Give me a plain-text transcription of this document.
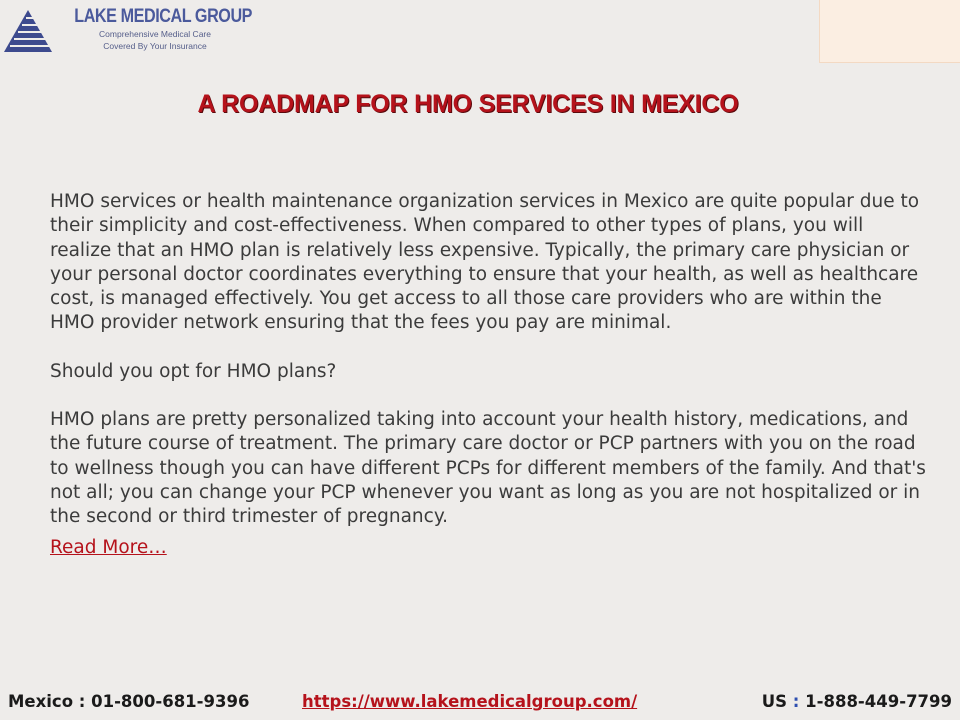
LAKE MEDICAL GROUP
Comprehensive Medical Care
Covered By Your Insurance
A ROADMAP FOR HMO SERVICES IN MEXICO

HMO services or health maintenance organization services in Mexico are quite popular due to their simplicity and cost-effectiveness. When compared to other types of plans, you will realize that an HMO plan is relatively less expensive. Typically, the primary care physician or your personal doctor coordinates everything to ensure that your health, as well as healthcare cost, is managed effectively. You get access to all those care providers who are within the HMO provider network ensuring that the fees you pay are minimal.

Should you opt for HMO plans?

HMO plans are pretty personalized taking into account your health history, medications, and the future course of treatment. The primary care doctor or PCP partners with you on the road to wellness though you can have different PCPs for different members of the family. And that's not all; you can change your PCP whenever you want as long as you are not hospitalized or in the second or third trimester of pregnancy.

Read More…
Mexico : 01-800-681-9396	https://www.lakemedicalgroup.com/	US : 1-888-449-7799
